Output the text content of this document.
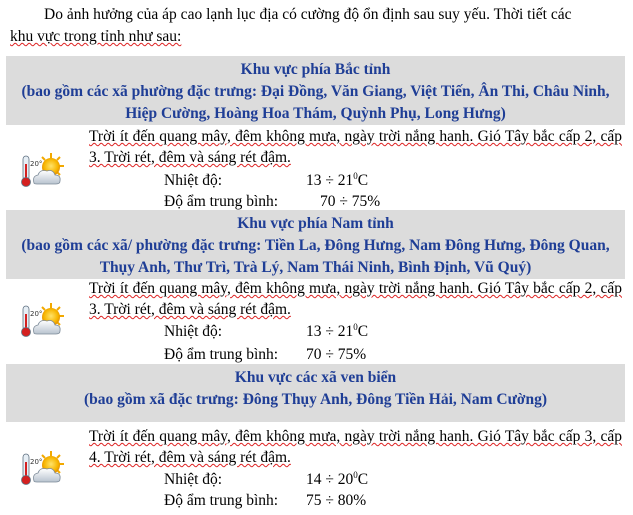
Do ảnh hưởng của áp cao lạnh lục địa có cường độ ổn định sau suy yếu. Thời tiết các
khu vực trong tỉnh như sau:
Khu vực phía Bắc tỉnh
(bao gồm các xã phường đặc trưng: Đại Đồng, Văn Giang, Việt Tiến, Ân Thi, Châu Ninh, Hiệp Cường, Hoàng Hoa Thám, Quỳnh Phụ, Long Hưng)
20°
Trời ít đến quang mây, đêm không mưa, ngày trời nắng hanh. Gió Tây bắc cấp 2, cấp 3. Trời rét, đêm và sáng rét đậm.
Nhiệt độ:	$13 \div 21^0C$
Độ ẩm trung bình:	70 ÷ 75%
Khu vực phía Nam tỉnh
(bao gồm các xã/ phường đặc trưng: Tiền La, Đông Hưng, Nam Đông Hưng, Đông Quan, Thụy Anh, Thư Trì, Trà Lý, Nam Thái Ninh, Bình Định, Vũ Quý)
20°
Trời ít đến quang mây, đêm không mưa, ngày trời nắng hanh. Gió Tây bắc cấp 2, cấp 3. Trời rét, đêm và sáng rét đậm.
Nhiệt độ:	$13 \div 21^0C$
Độ ẩm trung bình: 70 ÷ 75%
Khu vực các xã ven biển
(bao gồm xã đặc trưng: Đông Thụy Anh, Đông Tiền Hải, Nam Cường)
20°
Trời ít đến quang mây, đêm không mưa, ngày trời nắng hanh. Gió Tây bắc cấp 3, cấp 4. Trời rét, đêm và sáng rét đậm.
Nhiệt độ:	$14 \div 20^0C$
Độ ẩm trung bình: 75 ÷ 80%
